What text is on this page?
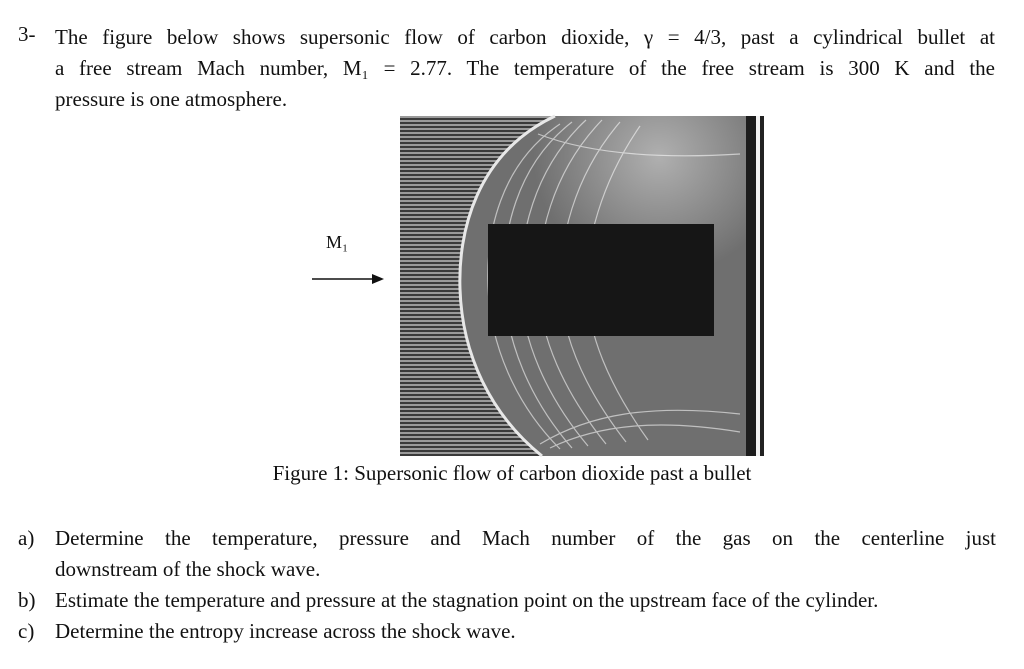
3- The figure below shows supersonic flow of carbon dioxide, γ = 4/3, past a cylindrical bullet at
a free stream Mach number, M₁ = 2.77. The temperature of the free stream is 300 K and the
pressure is one atmosphere.

M₁
Figure 1: Supersonic flow of carbon dioxide past a bullet
a) Determine the temperature, pressure and Mach number of the gas on the centerline just
downstream of the shock wave.
b) Estimate the temperature and pressure at the stagnation point on the upstream face of the cylinder.
c) Determine the entropy increase across the shock wave.
